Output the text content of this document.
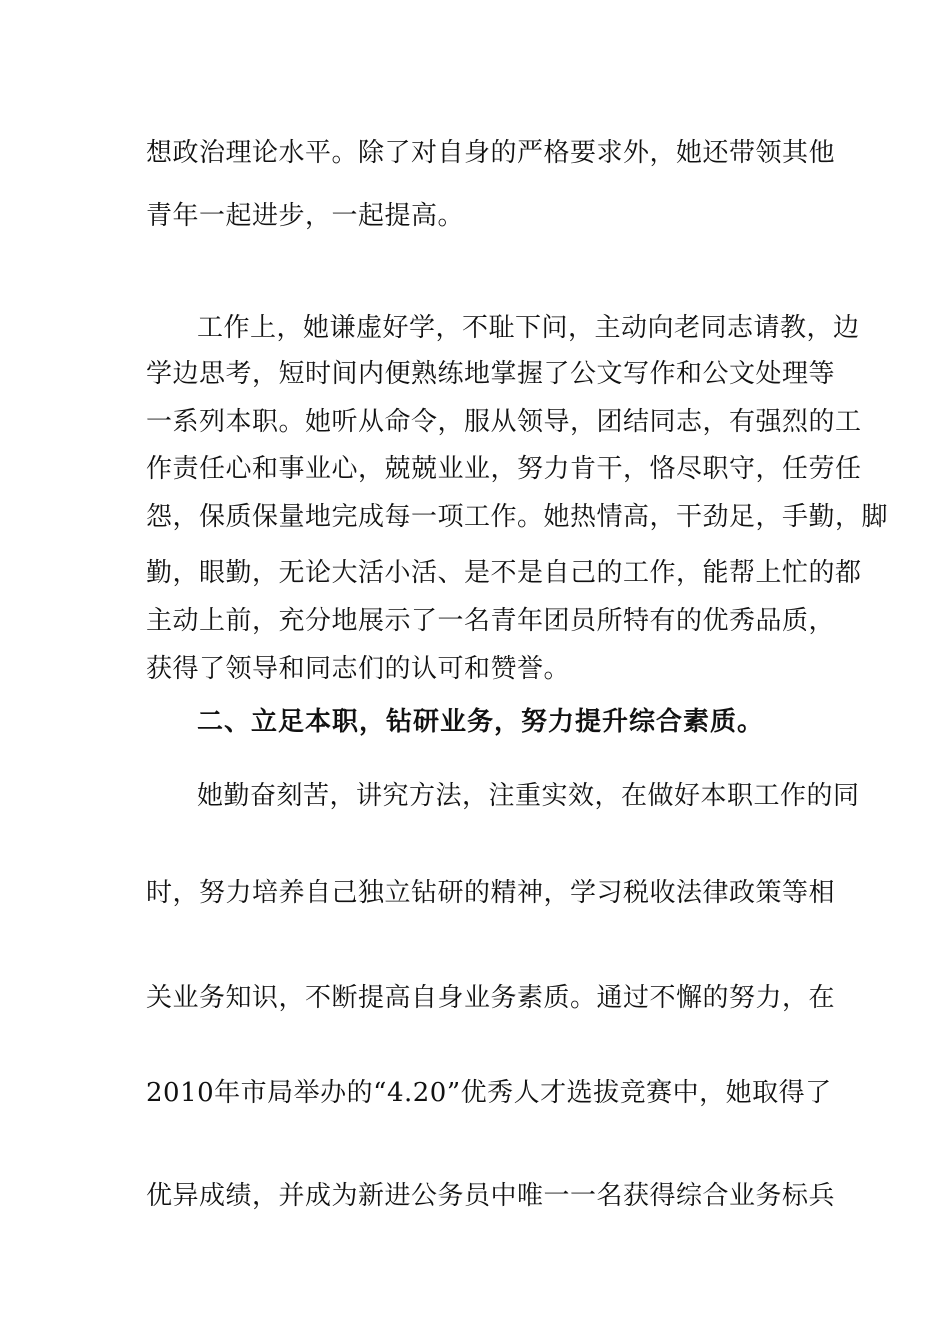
想政治理论水平。除了对自身的严格要求外，她还带领其他
青年一起进步，一起提高。
工作上，她谦虚好学，不耻下问，主动向老同志请教，边
学边思考，短时间内便熟练地掌握了公文写作和公文处理等
一系列本职。她听从命令，服从领导，团结同志，有强烈的工
作责任心和事业心，兢兢业业，努力肯干，恪尽职守，任劳任
怨，保质保量地完成每一项工作。她热情高，干劲足，手勤，脚
勤，眼勤，无论大活小活、是不是自己的工作，能帮上忙的都
主动上前，充分地展示了一名青年团员所特有的优秀品质，
获得了领导和同志们的认可和赞誉。
二、立足本职，钻研业务，努力提升综合素质。
她勤奋刻苦，讲究方法，注重实效，在做好本职工作的同
时，努力培养自己独立钻研的精神，学习税收法律政策等相
关业务知识，不断提高自身业务素质。通过不懈的努力，在
2010年市局举办的“4.20”优秀人才选拔竞赛中，她取得了
优异成绩，并成为新进公务员中唯一一名获得综合业务标兵
